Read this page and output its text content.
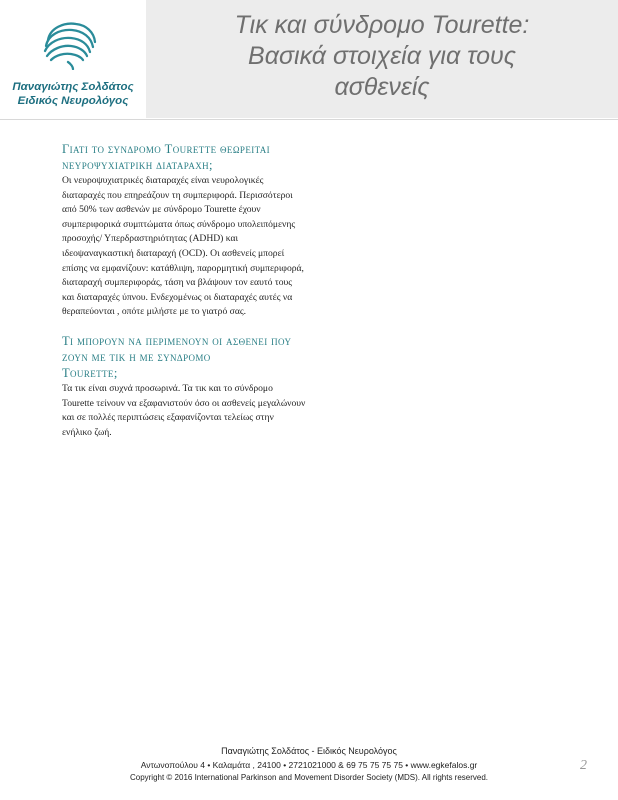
Παναγιώτης Σολδάτος
Ειδικός Νευρολόγος
Τικ και σύνδρομο Tourette:
Βασικά στοιχεία για τους
ασθενείς
Γιατι το συνδρομο Tourette θεωρειται
νευροψυχιατρικη διαταραχη;

Οι νευροψυχιατρικές διαταραχές είναι νευρολογικές διαταραχές που επηρεάζουν τη συμπεριφορά. Περισσότεροι από 50% των ασθενών με σύνδρομο Tourette έχουν συμπεριφορικά συμπτώματα όπως σύνδρομο υπολειπόμενης προσοχής/ Υπερδραστηριότητας (ADHD) και ιδεοψαναγκαστική διαταραχή (OCD). Οι ασθενείς μπορεί επίσης να εμφανίζουν: κατάθλιψη, παρορμητική συμπεριφορά, διαταραχή συμπεριφοράς, τάση να βλάψουν τον εαυτό τους και διαταραχές ύπνου. Ενδεχομένως οι διαταραχές αυτές να θεραπεύονται , οπότε μιλήστε με το γιατρό σας.

Τι μπορουν να περιμενουν οι ασθενει που
ζουν με τικ η με συνδρομο
Tourette;

Τα τικ είναι συχνά προσωρινά. Τα τικ και το σύνδρομο Tourette τείνουν να εξαφανιστούν όσο οι ασθενείς μεγαλώνουν και σε πολλές περιπτώσεις εξαφανίζονται τελείως στην ενήλικο ζωή.

Παναγιώτης Σολδάτος - Ειδικός Νευρολόγος
Αντωνοπούλου 4 • Καλαμάτα , 24100 • 2721021000 & 69 75 75 75 75 • www.egkefalos.gr
Copyright © 2016 International Parkinson and Movement Disorder Society (MDS). All rights reserved.
2
